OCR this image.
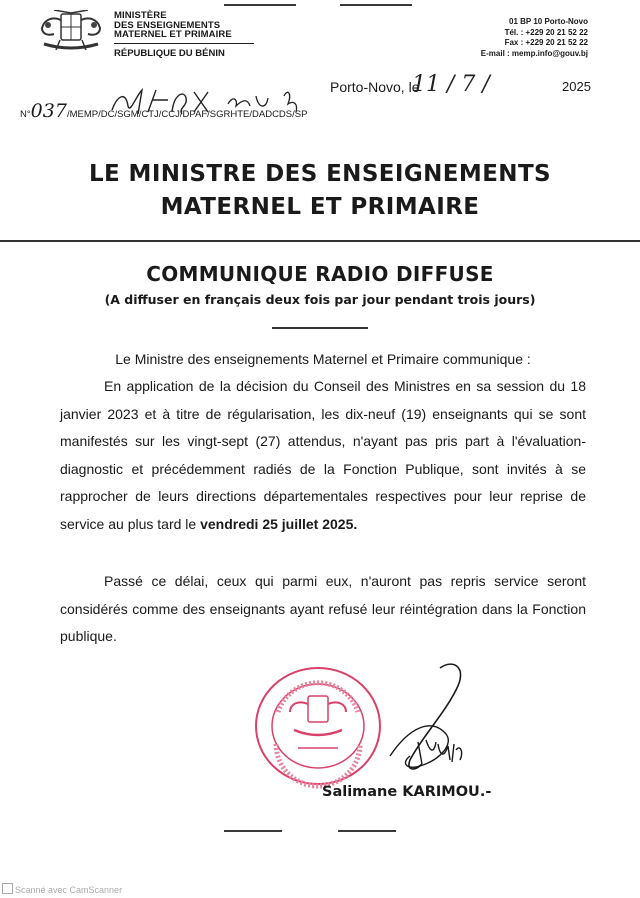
MINISTÈRE
DES ENSEIGNEMENTS
MATERNEL ET PRIMAIRE
RÉPUBLIQUE DU BÉNIN
01 BP 10 Porto-Novo
Tél. : +229 20 21 52 22
Fax : +229 20 21 52 22
E-mail : memp.info@gouv.bj
Porto-Novo, le
11 / 7 /	2025
N°037/MEMP/DC/SGM/CTJ/CCJ/DPAF/SGRHTE/DADCDS/SP
LE MINISTRE DES ENSEIGNEMENTS
MATERNEL ET PRIMAIRE
COMMUNIQUE RADIO DIFFUSE
(A diffuser en français deux fois par jour pendant trois jours)
Le Ministre des enseignements Maternel et Primaire communique :
En application de la décision du Conseil des Ministres en sa session du 18 janvier 2023 et à titre de régularisation, les dix-neuf (19) enseignants qui se sont manifestés sur les vingt-sept (27) attendus, n'ayant pas pris part à l'évaluation-diagnostic et précédemment radiés de la Fonction Publique, sont invités à se rapprocher de leurs directions départementales respectives pour leur reprise de service au plus tard le vendredi 25 juillet 2025.
Passé ce délai, ceux qui parmi eux, n'auront pas repris service seront considérés comme des enseignants ayant refusé leur réintégration dans la Fonction publique.
Salimane KARIMOU.-
Scanné avec CamScanner
